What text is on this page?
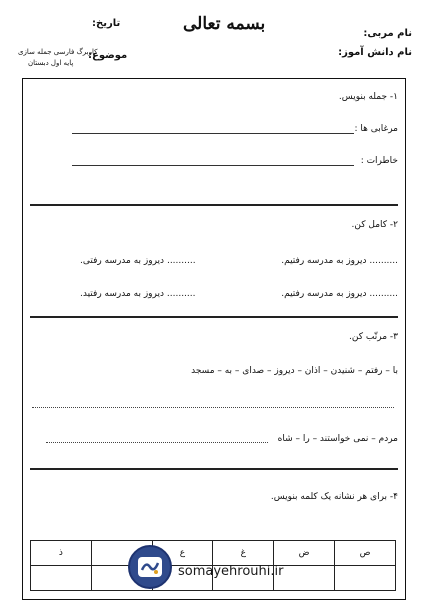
بسمه تعالی	نام مربی:
نام دانش آموز:
تاریخ:
موضوع:
کاربرگ فارسی جمله سازی
پایه اول دبستان
۱- جمله بنویس.
مرغابی ها :
خاطرات :
۲- کامل کن.
.......... دیروز به مدرسه رفتیم.
.......... دیروز به مدرسه رفتی.
.......... دیروز به مدرسه رفتیم.
.......... دیروز به مدرسه رفتید.
۳- مرتّب کن.
با – رفتم – شنیدن – اذان – دیروز – صدای – به – مسجد
مردم – نمی خواستند – را – شاه
۴- برای هر نشانه یک کلمه بنویس.
ص	ض	غ	ع		ذ

somayehrouhi.ir
